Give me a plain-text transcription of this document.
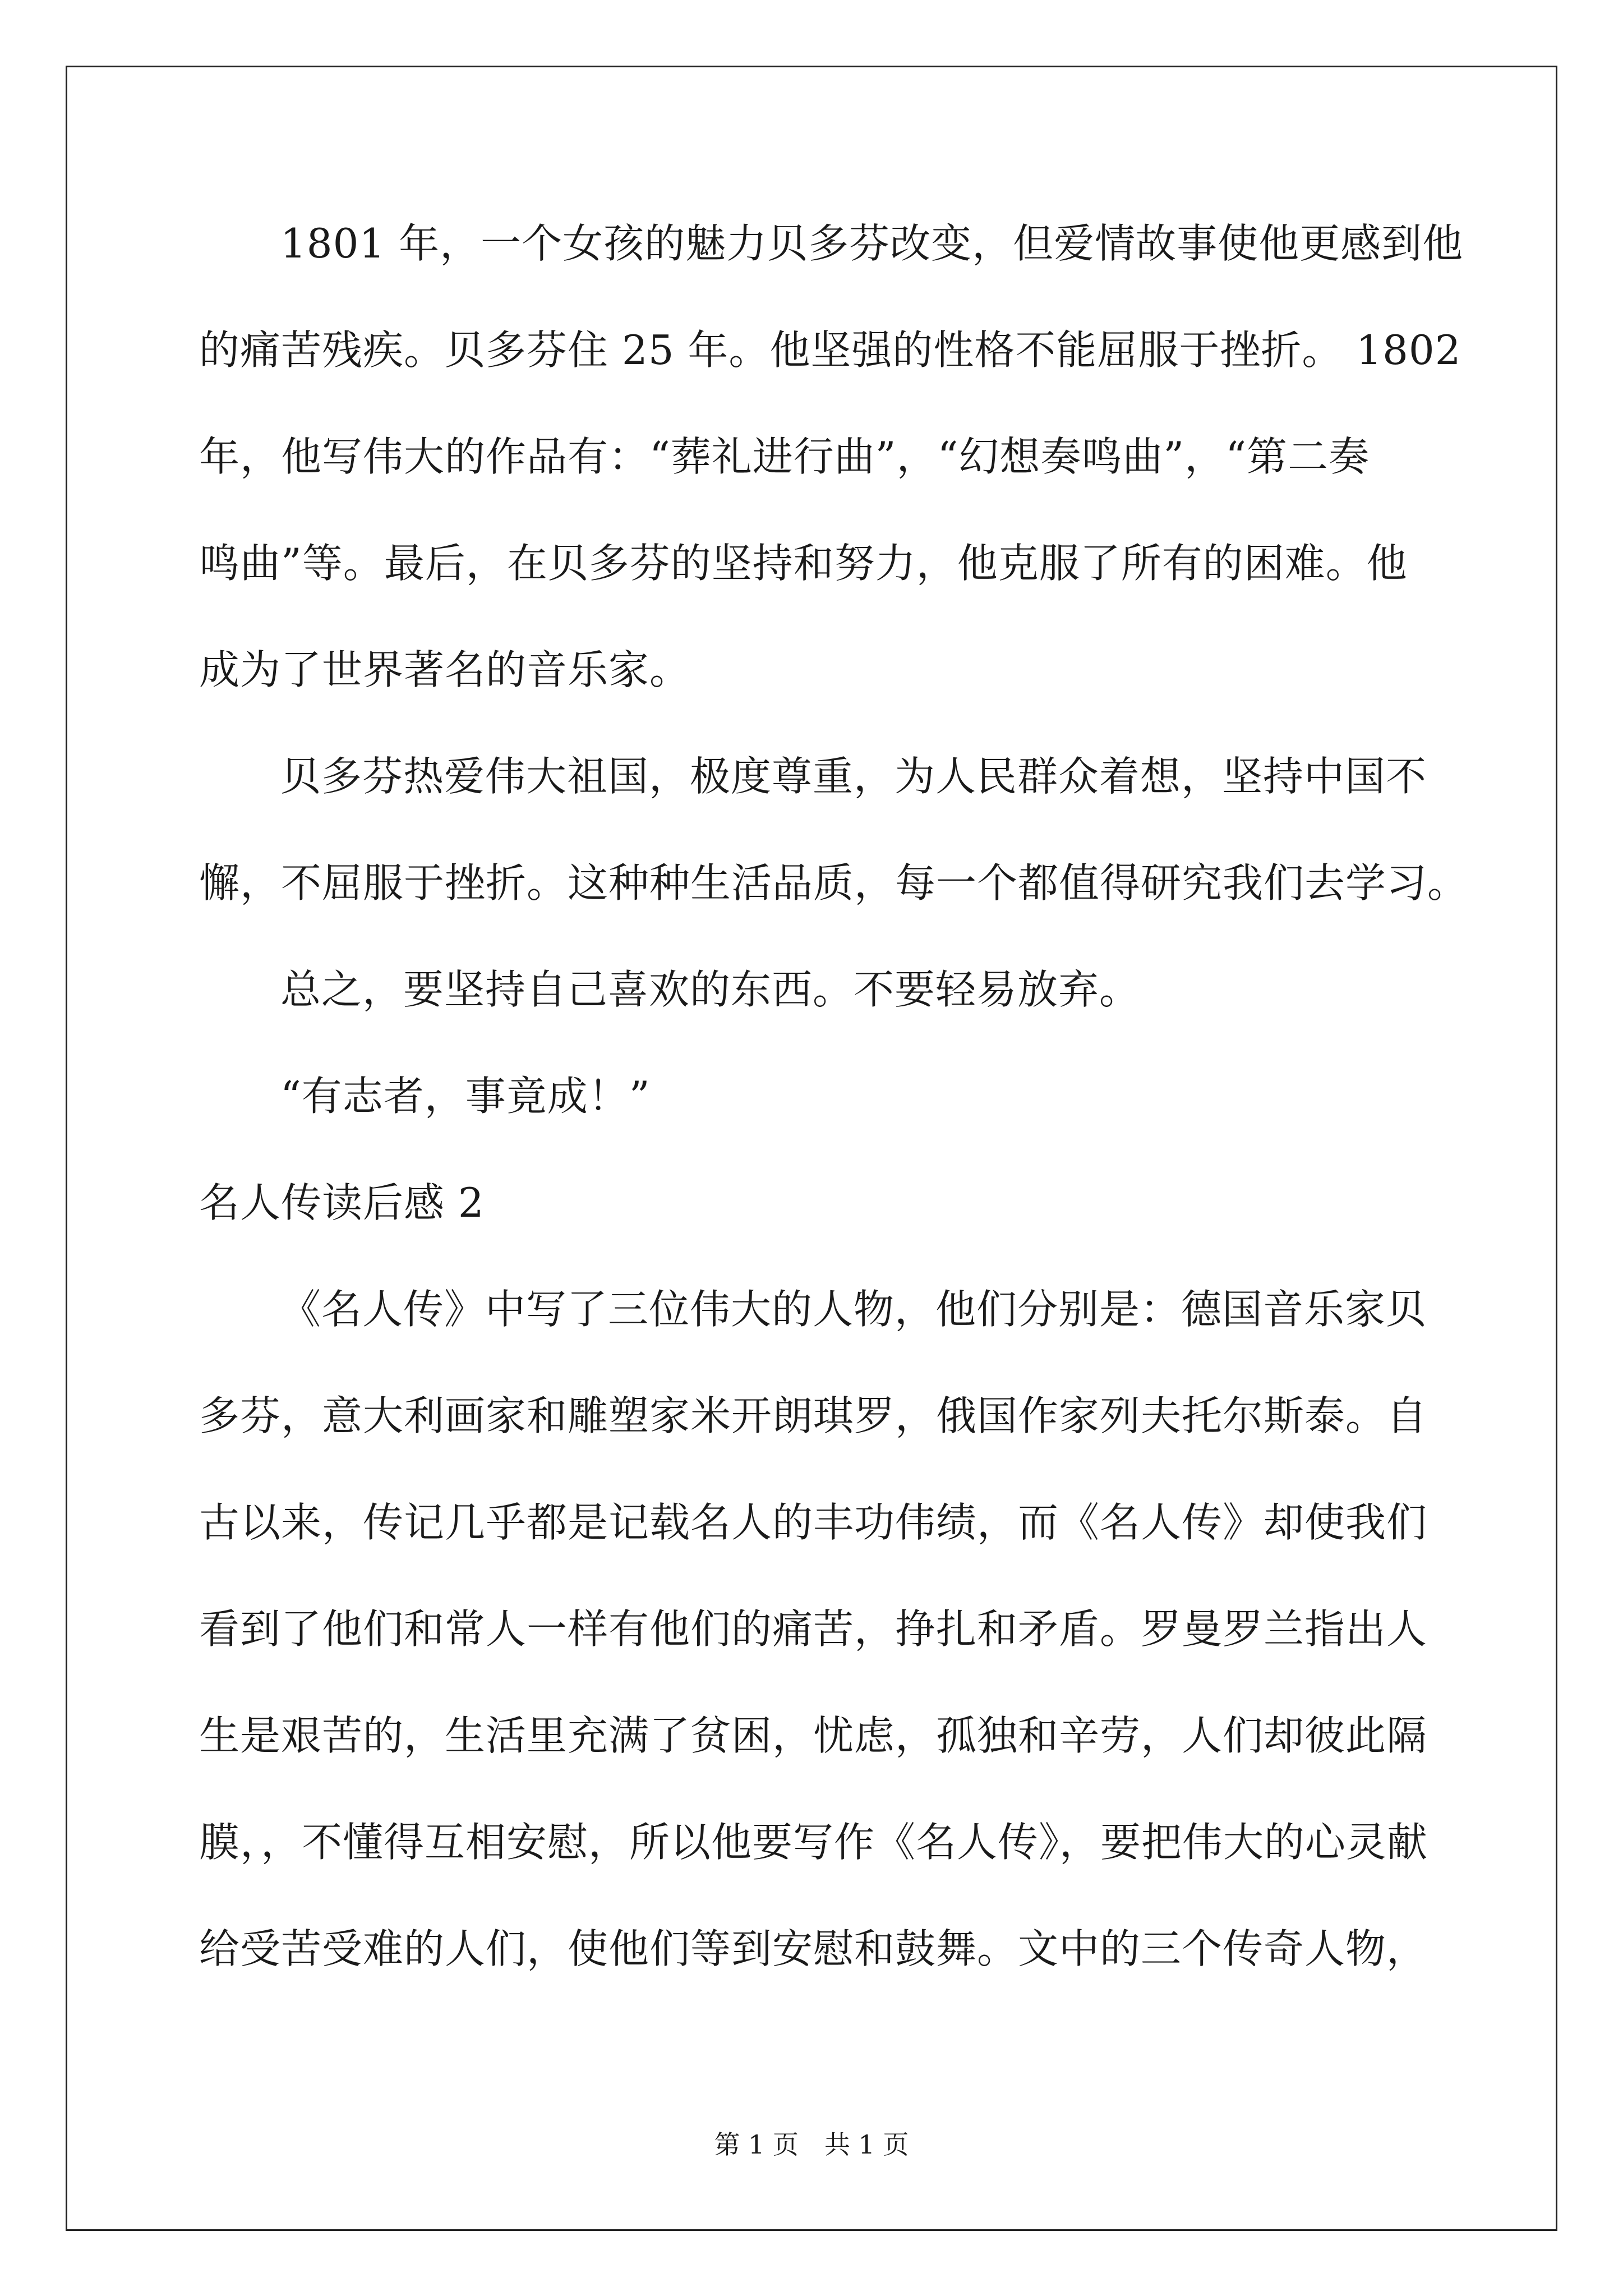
1801 年，一个女孩的魅力贝多芬改变，但爱情故事使他更感到他
的痛苦残疾。贝多芬住 25 年。他坚强的性格不能屈服于挫折。 1802
年，他写伟大的作品有：“葬礼进行曲”，“幻想奏鸣曲”，“第二奏
鸣曲”等。最后，在贝多芬的坚持和努力，他克服了所有的困难。他
成为了世界著名的音乐家。
贝多芬热爱伟大祖国，极度尊重，为人民群众着想，坚持中国不
懈，不屈服于挫折。这种种生活品质，每一个都值得研究我们去学习。
总之，要坚持自己喜欢的东西。不要轻易放弃。
“有志者，事竟成！”
名人传读后感 2
《名人传》中写了三位伟大的人物，他们分别是：德国音乐家贝
多芬，意大利画家和雕塑家米开朗琪罗，俄国作家列夫托尔斯泰。自
古以来，传记几乎都是记载名人的丰功伟绩，而《名人传》却使我们
看到了他们和常人一样有他们的痛苦，挣扎和矛盾。罗曼罗兰指出人
生是艰苦的，生活里充满了贫困，忧虑，孤独和辛劳，人们却彼此隔
膜，，不懂得互相安慰，所以他要写作《名人传》，要把伟大的心灵献
给受苦受难的人们，使他们等到安慰和鼓舞。文中的三个传奇人物，
第 1 页　共 1 页
